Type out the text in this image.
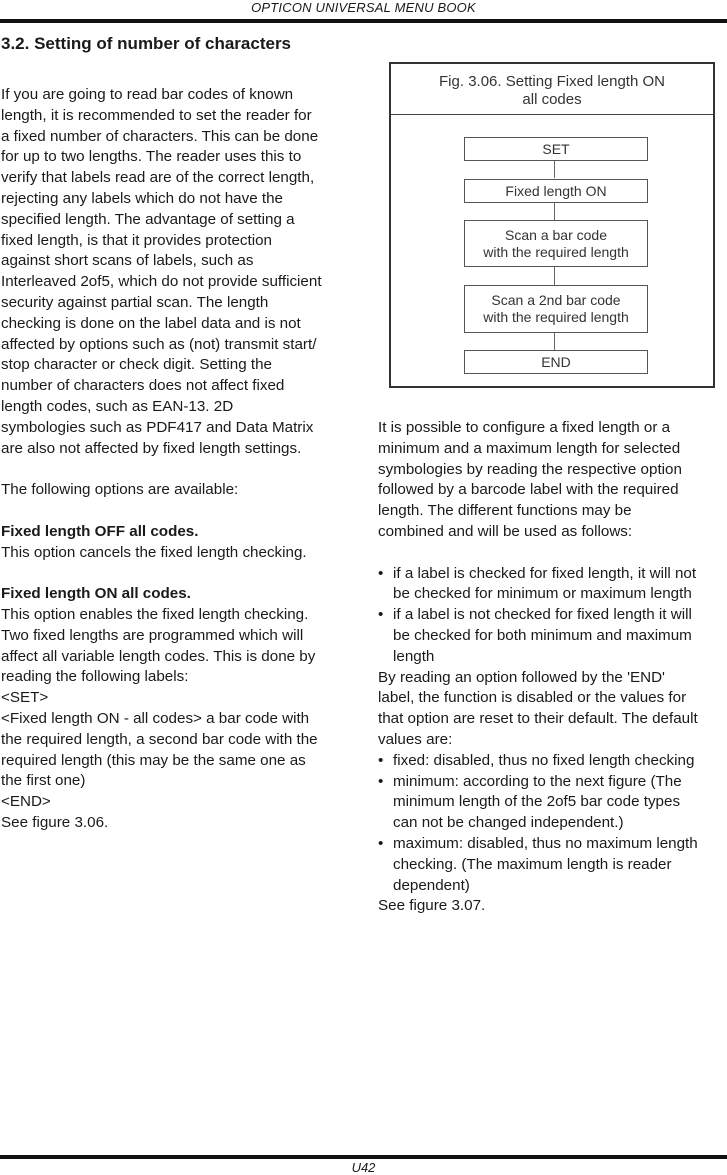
OPTICON UNIVERSAL MENU BOOK
3.2. Setting of number of characters

If you are going to read bar codes of known

length, it is recommended to set the reader for

a fixed number of characters. This can be done

for up to two lengths. The reader uses this to

verify that labels read are of the correct length,

rejecting any labels which do not have the

specified length. The advantage of setting a

fixed length, is that it provides protection

against short scans of labels, such as

Interleaved 2of5, which do not provide sufficient

security against partial scan. The length

checking is done on the label data and is not

affected by options such as (not) transmit start/

stop character or check digit. Setting the

number of characters does not affect fixed

length codes, such as EAN-13. 2D

symbologies such as PDF417 and Data Matrix

are also not affected by fixed length settings.

The following options are available:

Fixed length OFF all codes.

This option cancels the fixed length checking.

Fixed length ON all codes.

This option enables the fixed length checking.

Two fixed lengths are programmed which will

affect all variable length codes. This is done by

reading the following labels:

<SET>

<Fixed length ON - all codes> a bar code with

the required length, a second bar code with the

required length (this may be the same one as

the first one)

<END>

See figure 3.06.

Fig. 3.06. Setting Fixed length ON
all codes
SET
Fixed length ON
Scan a bar code
with the required length
Scan a 2nd bar code
with the required length
END

It is possible to configure a fixed length or a

minimum and a maximum length for selected

symbologies by reading the respective option

followed by a barcode label with the required

length. The different functions may be

combined and will be used as follows:

• if a label is checked for fixed length, it will not

be checked for minimum or maximum length

• if a label is not checked for fixed length it will

be checked for both minimum and maximum

length

By reading an option followed by the 'END'

label, the function is disabled or the values for

that option are reset to their default. The default

values are:

• fixed: disabled, thus no fixed length checking

• minimum: according to the next figure (The

minimum length of the 2of5 bar code types

can not be changed independent.)

• maximum: disabled, thus no maximum length

checking. (The maximum length is reader

dependent)

See figure 3.07.

U42
